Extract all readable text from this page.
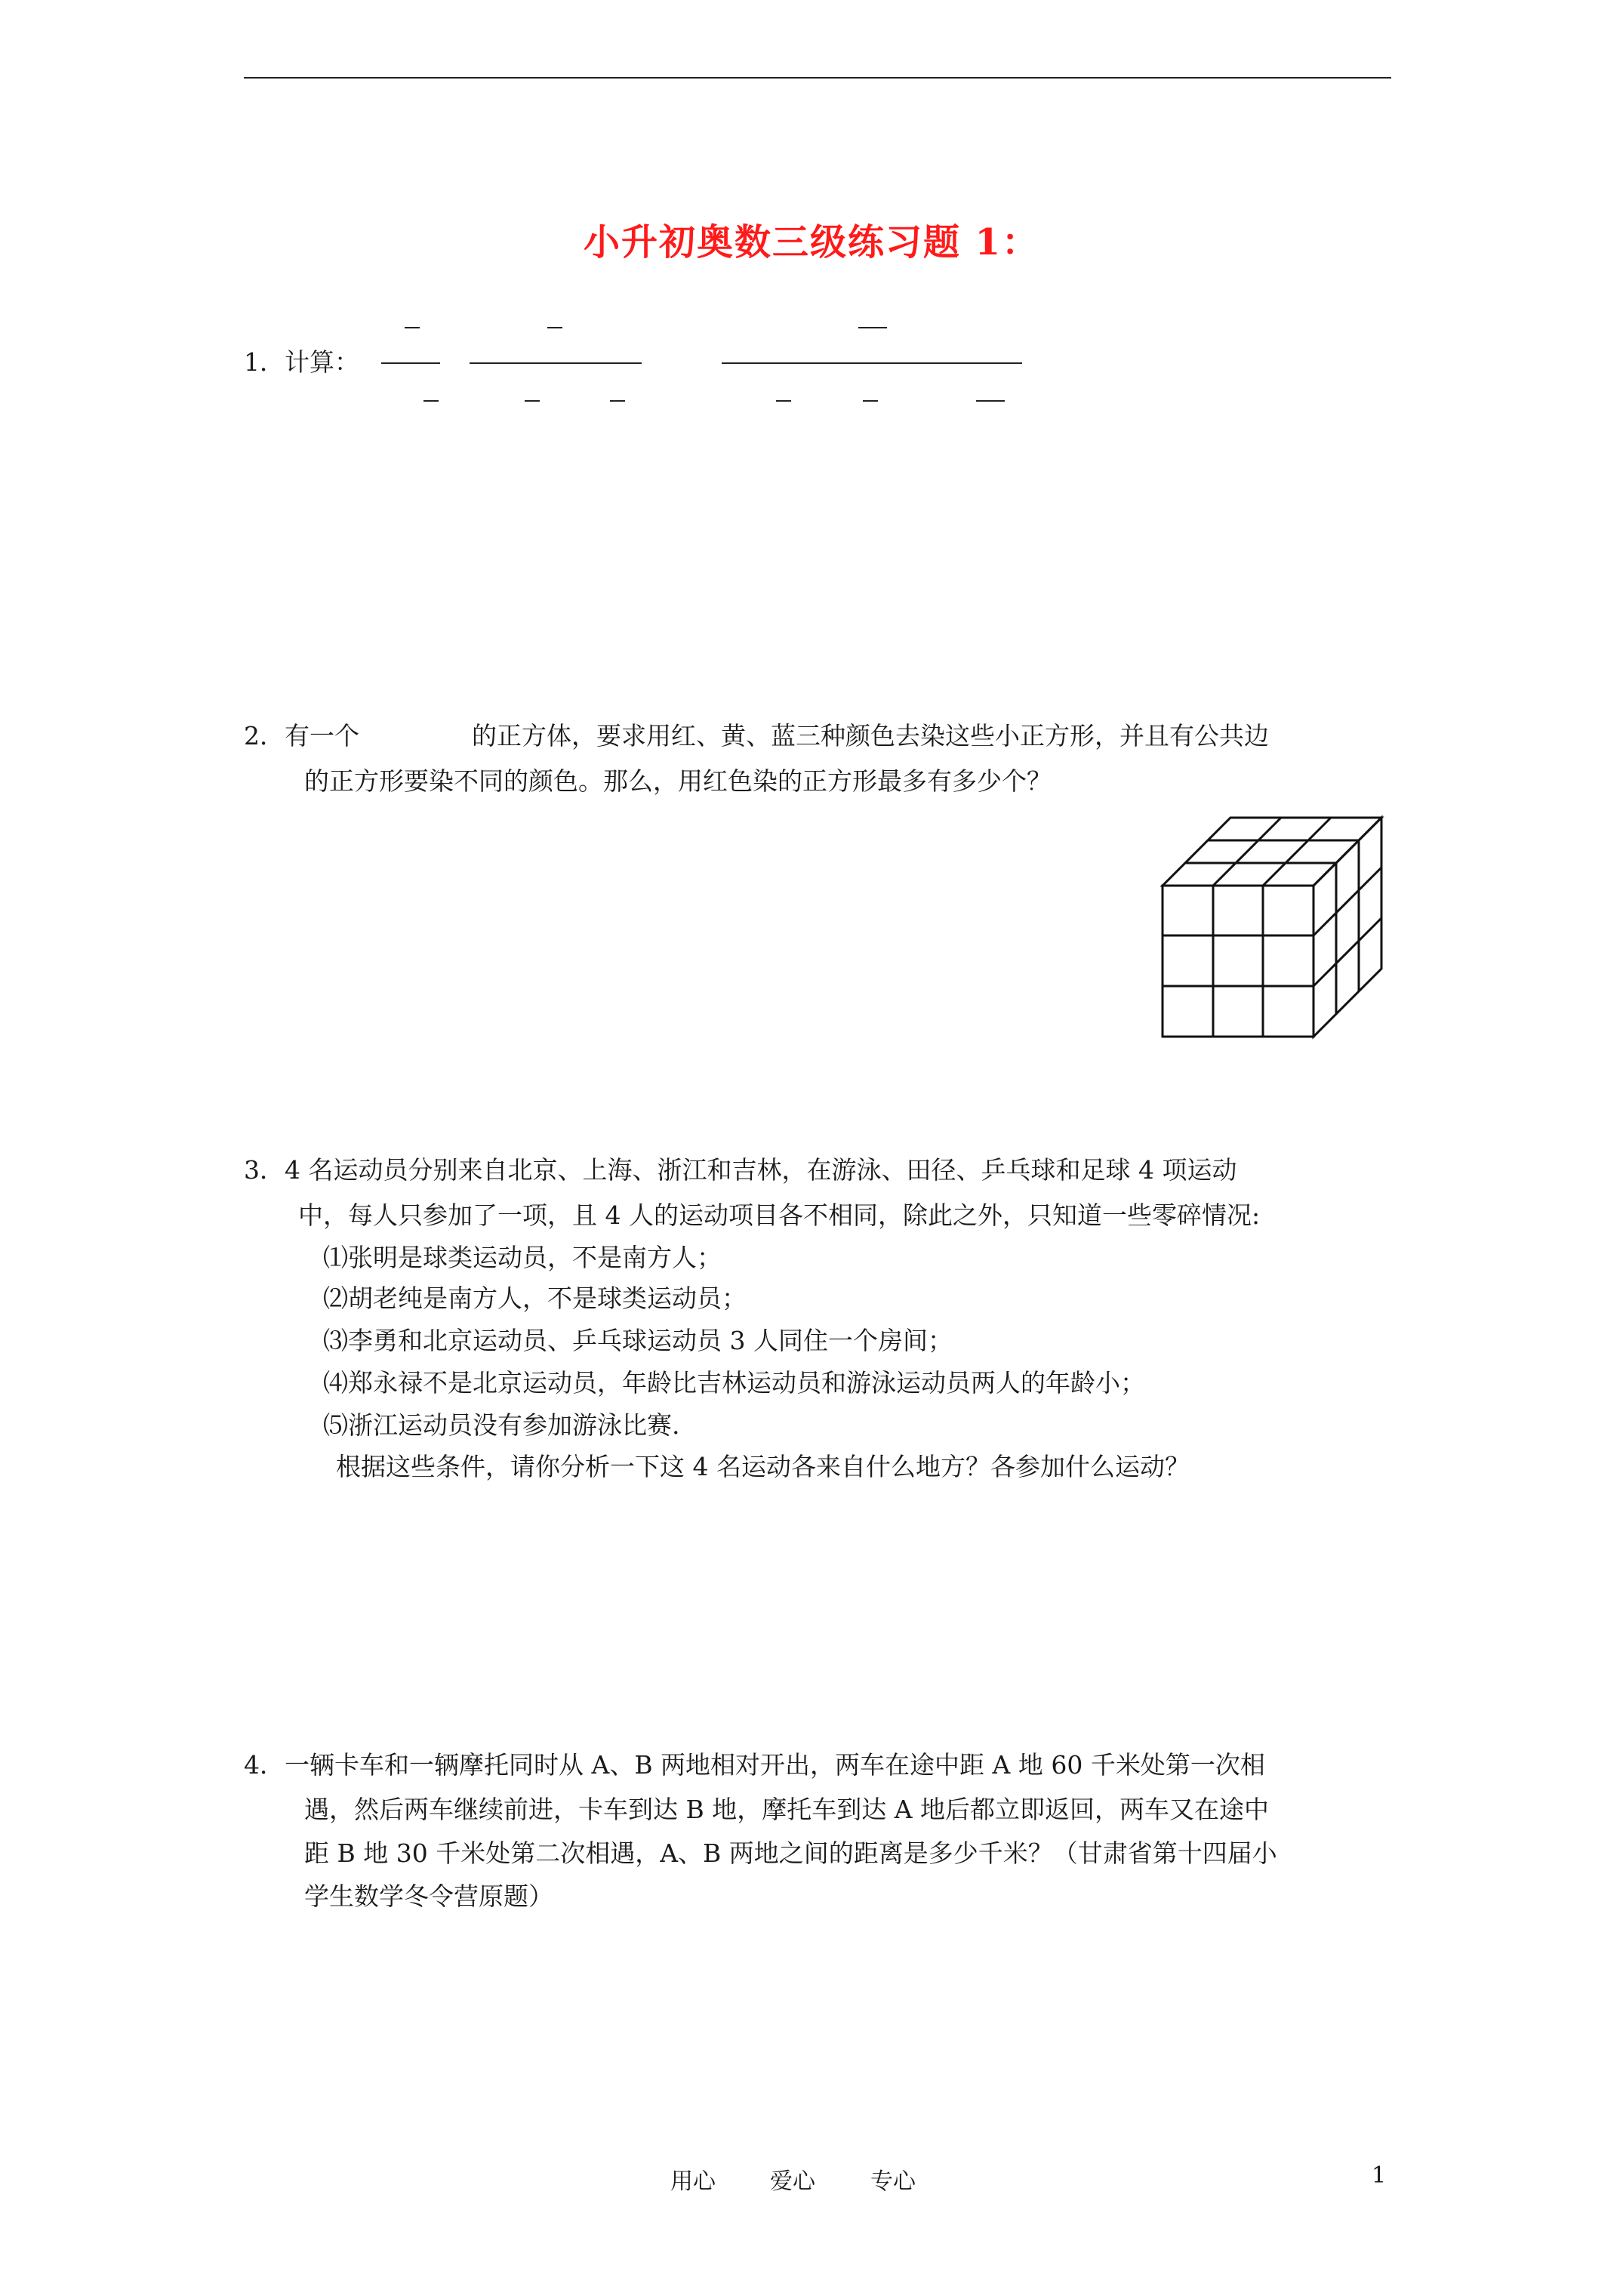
小升初奥数三级练习题 1：
1．计算：
2．有一个	的正方体，要求用红、黄、蓝三种颜色去染这些小正方形，并且有公共边
的正方形要染不同的颜色。那么，用红色染的正方形最多有多少个？
3．4 名运动员分别来自北京、上海、浙江和吉林，在游泳、田径、乒乓球和足球 4 项运动
中，每人只参加了一项，且 4 人的运动项目各不相同，除此之外，只知道一些零碎情况:
⑴张明是球类运动员，不是南方人；
⑵胡老纯是南方人，不是球类运动员；
⑶李勇和北京运动员、乒乓球运动员 3 人同住一个房间；
⑷郑永禄不是北京运动员，年龄比吉林运动员和游泳运动员两人的年龄小；
⑸浙江运动员没有参加游泳比赛.
根据这些条件，请你分析一下这 4 名运动各来自什么地方？各参加什么运动？
4．一辆卡车和一辆摩托同时从 A、B 两地相对开出，两车在途中距 A 地 60 千米处第一次相
遇，然后两车继续前进，卡车到达 B 地，摩托车到达 A 地后都立即返回，两车又在途中
距 B 地 30 千米处第二次相遇，A、B 两地之间的距离是多少千米？（甘肃省第十四届小
学生数学冬令营原题）
用心 爱心 专心	1
